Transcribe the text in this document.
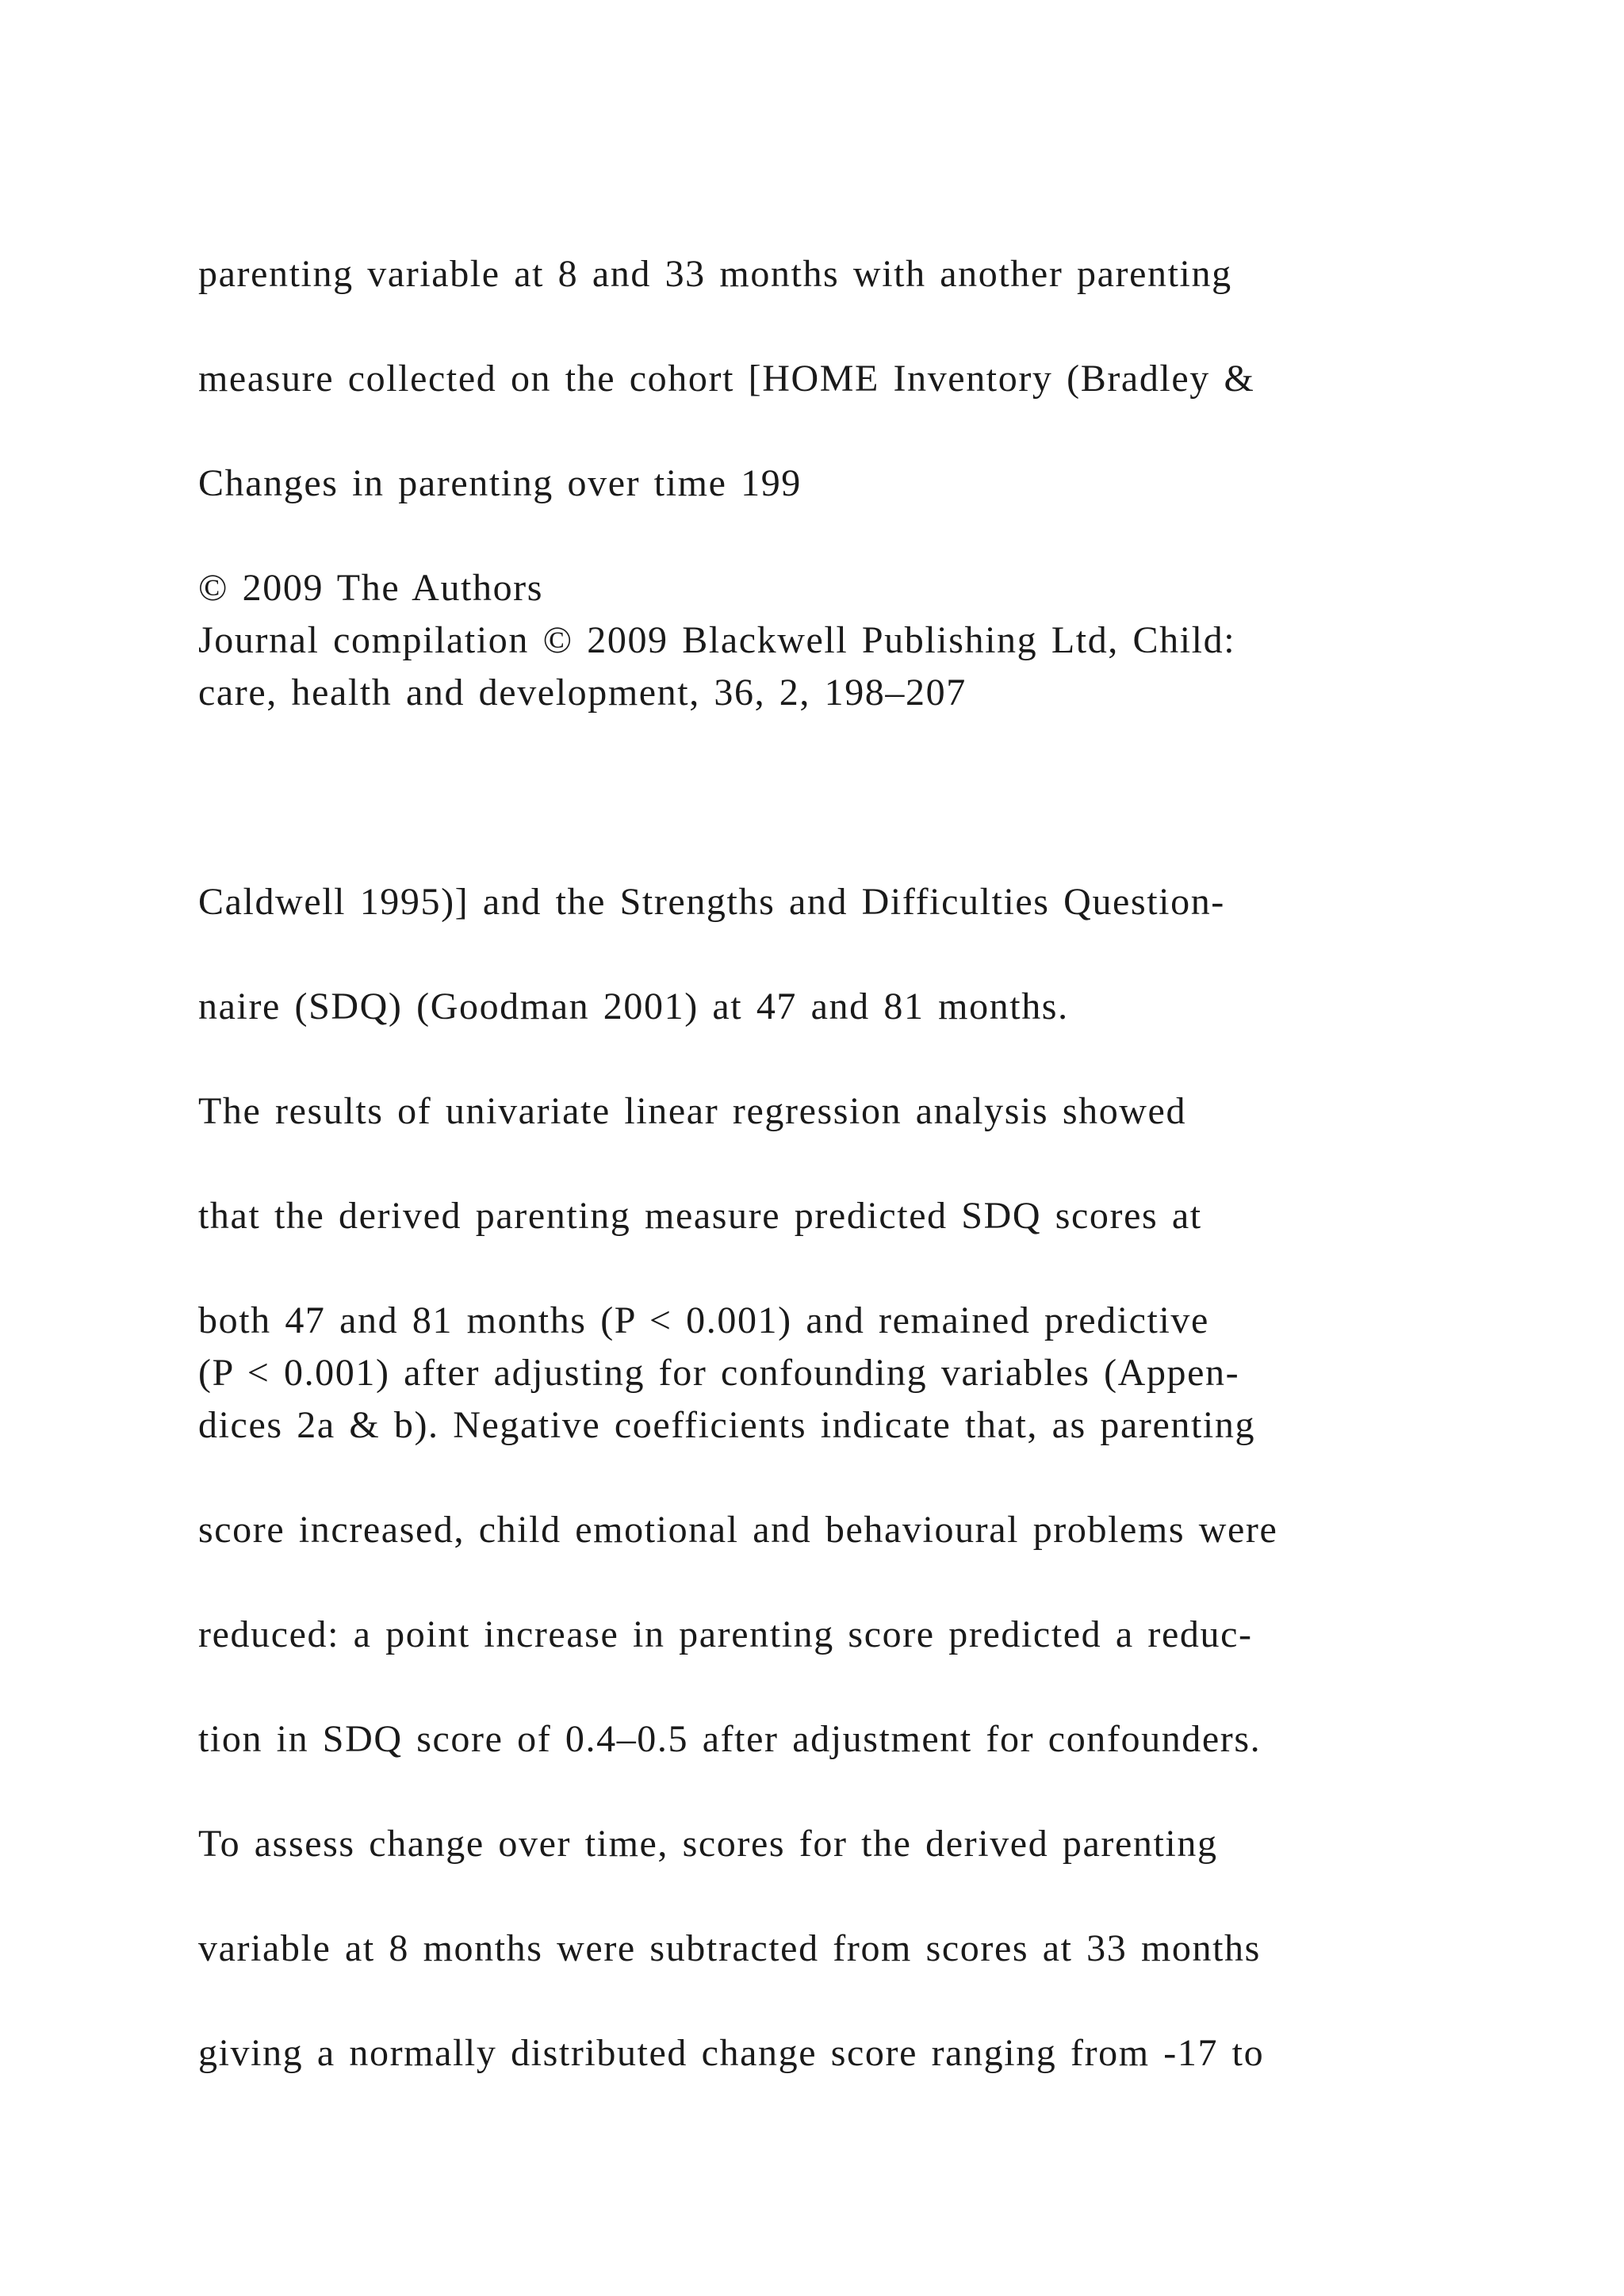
parenting variable at 8 and 33 months with another parenting
measure collected on the cohort [HOME Inventory (Bradley &
Changes in parenting over time 199
© 2009 The Authors
Journal compilation © 2009 Blackwell Publishing Ltd, Child:
care, health and development, 36, 2, 198–207
Caldwell 1995)] and the Strengths and Difficulties Question-
naire (SDQ) (Goodman 2001) at 47 and 81 months.
The results of univariate linear regression analysis showed
that the derived parenting measure predicted SDQ scores at
both 47 and 81 months (P < 0.001) and remained predictive
(P < 0.001) after adjusting for confounding variables (Appen-
dices 2a & b). Negative coefficients indicate that, as parenting
score increased, child emotional and behavioural problems were
reduced: a point increase in parenting score predicted a reduc-
tion in SDQ score of 0.4–0.5 after adjustment for confounders.
To assess change over time, scores for the derived parenting
variable at 8 months were subtracted from scores at 33 months
giving a normally distributed change score ranging from -17 to
